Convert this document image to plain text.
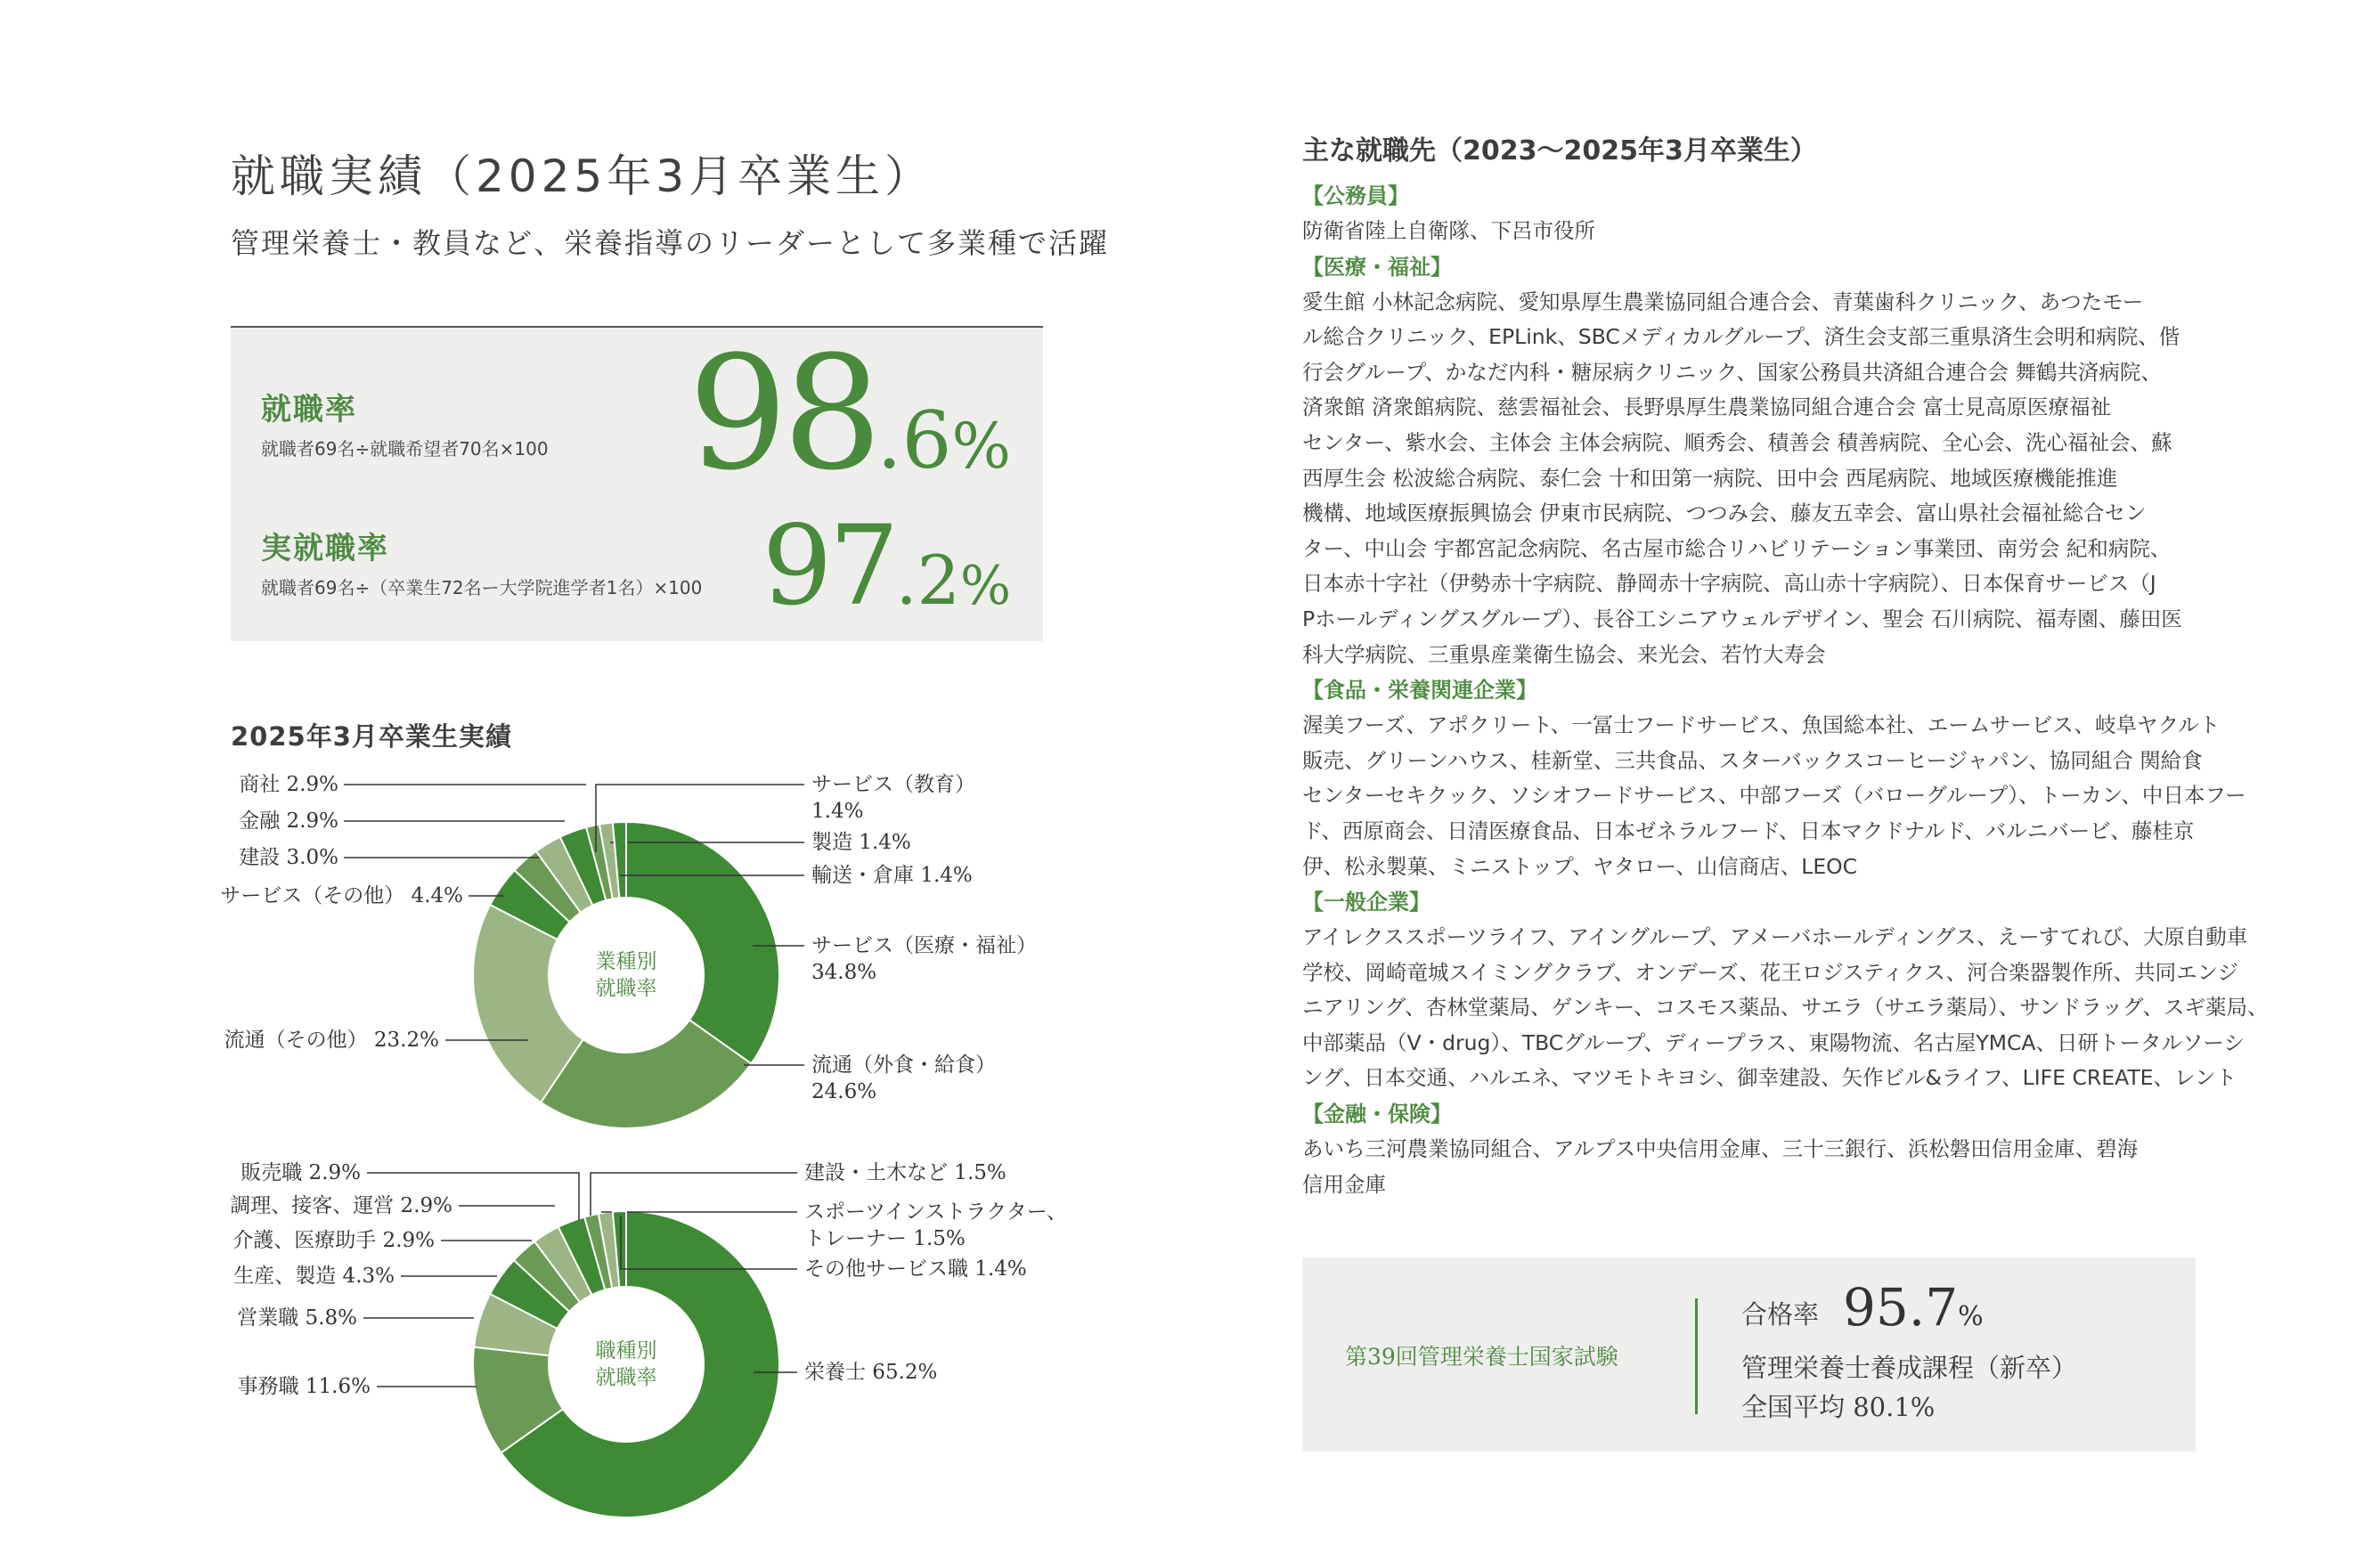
就職実績（2025年3月卒業生）
管理栄養士・教員など、栄養指導のリーダーとして多業種で活躍
就職率
就職者69名÷就職希望者70名×100 98.6%
実就職率
就職者69名÷（卒業生72名ー大学院進学者1名）×100 97.2%
2025年3月卒業生実績
サービス（医療・福祉）
34.8%
流通（外食・給食）
24.6%
流通（その他） 23.2%
サービス（その他） 4.4%
建設 3.0%
金融 2.9%
商社 2.9%	サービス（教育）
1.4%
製造 1.4%
輸送・倉庫 1.4%
業種別
就職率
栄養士 65.2%
事務職 11.6%
営業職 5.8%
生産、製造 4.3%
介護、医療助手 2.9%
調理、接客、運営 2.9%
販売職 2.9%	建設・土木など 1.5%
スポーツインストラクター、
トレーナー 1.5%
その他サービス職 1.4%
職種別
就職率
主な就職先（2023〜2025年3月卒業生）
【公務員】
防衛省陸上自衛隊、下呂市役所
【医療・福祉】
愛生館 小林記念病院、愛知県厚生農業協同組合連合会、青葉歯科クリニック、あつたモー
ル総合クリニック、EPLink、SBCメディカルグループ、済生会支部三重県済生会明和病院、偕
行会グループ、かなだ内科・糖尿病クリニック、国家公務員共済組合連合会 舞鶴共済病院、
済衆館 済衆館病院、慈雲福祉会、長野県厚生農業協同組合連合会 富士見高原医療福祉
センター、紫水会、主体会 主体会病院、順秀会、積善会 積善病院、全心会、洗心福祉会、蘇
西厚生会 松波総合病院、泰仁会 十和田第一病院、田中会 西尾病院、地域医療機能推進
機構、地域医療振興協会 伊東市民病院、つつみ会、藤友五幸会、富山県社会福祉総合セン
ター、中山会 宇都宮記念病院、名古屋市総合リハビリテーション事業団、南労会 紀和病院、
日本赤十字社（伊勢赤十字病院、静岡赤十字病院、高山赤十字病院）、日本保育サービス（J
Pホールディングスグループ）、長谷工シニアウェルデザイン、聖会 石川病院、福寿園、藤田医
科大学病院、三重県産業衛生協会、来光会、若竹大寿会
【食品・栄養関連企業】
渥美フーズ、アポクリート、一冨士フードサービス、魚国総本社、エームサービス、岐阜ヤクルト
販売、グリーンハウス、桂新堂、三共食品、スターバックスコーヒージャパン、協同組合 関給食
センターセキクック、ソシオフードサービス、中部フーズ（バローグループ）、トーカン、中日本フー
ド、西原商会、日清医療食品、日本ゼネラルフード、日本マクドナルド、バルニバービ、藤桂京
伊、松永製菓、ミニストップ、ヤタロー、山信商店、LEOC
【一般企業】
アイレクススポーツライフ、アイングループ、アメーバホールディングス、えーすてれび、大原自動車
学校、岡崎竜城スイミングクラブ、オンデーズ、花王ロジスティクス、河合楽器製作所、共同エンジ
ニアリング、杏林堂薬局、ゲンキー、コスモス薬品、サエラ（サエラ薬局）、サンドラッグ、スギ薬局、
中部薬品（V・drug）、TBCグループ、ディープラス、東陽物流、名古屋YMCA、日研トータルソーシ
ング、日本交通、ハルエネ、マツモトキヨシ、御幸建設、矢作ビル&ライフ、LIFE CREATE、レント
【金融・保険】
あいち三河農業協同組合、アルプス中央信用金庫、三十三銀行、浜松磐田信用金庫、碧海
信用金庫
第39回管理栄養士国家試験
合格率 95.7%
管理栄養士養成課程（新卒）
全国平均 80.1%
